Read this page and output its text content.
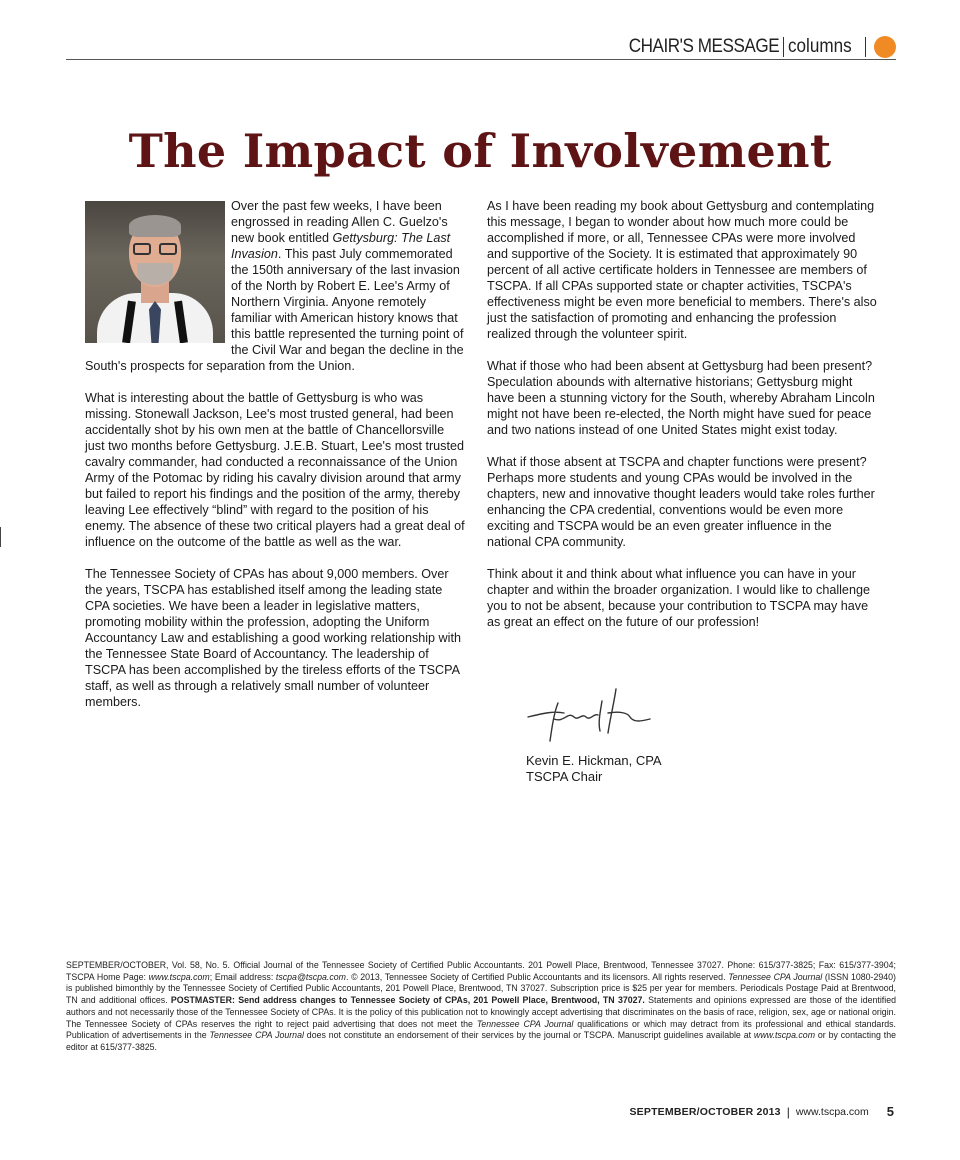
CHAIR'S MESSAGE columns
The Impact of Involvement

Over the past few weeks, I have been engrossed in reading Allen C. Guelzo's new book entitled Gettysburg: The Last Invasion. This past July commemorated the 150th anniversary of the last invasion of the North by Robert E. Lee's Army of Northern Virginia. Anyone remotely familiar with American history knows that this battle represented the turning point of the Civil War and began the decline in the South's prospects for separation from the Union.

What is interesting about the battle of Gettysburg is who was missing. Stonewall Jackson, Lee's most trusted general, had been accidentally shot by his own men at the battle of Chancellorsville just two months before Gettysburg. J.E.B. Stuart, Lee's most trusted cavalry commander, had conducted a reconnaissance of the Union Army of the Potomac by riding his cavalry division around that army but failed to report his findings and the position of the army, thereby leaving Lee effectively “blind” with regard to the position of his enemy. The absence of these two critical players had a great deal of influence on the outcome of the battle as well as the war.

The Tennessee Society of CPAs has about 9,000 members. Over the years, TSCPA has established itself among the leading state CPA societies. We have been a leader in legislative matters, promoting mobility within the profession, adopting the Uniform Accountancy Law and establishing a good working relationship with the Tennessee State Board of Accountancy. The leadership of TSCPA has been accomplished by the tireless efforts of the TSCPA staff, as well as through a relatively small number of volunteer members.

As I have been reading my book about Gettysburg and contemplating this message, I began to wonder about how much more could be accomplished if more, or all, Tennessee CPAs were more involved and supportive of the Society. It is estimated that approximately 90 percent of all active certificate holders in Tennessee are members of TSCPA. If all CPAs supported state or chapter activities, TSCPA's effectiveness might be even more beneficial to members. There's also just the satisfaction of promoting and enhancing the profession realized through the volunteer spirit.

What if those who had been absent at Gettysburg had been present? Speculation abounds with alternative historians; Gettysburg might have been a stunning victory for the South, whereby Abraham Lincoln might not have been re-elected, the North might have sued for peace and two nations instead of one United States might exist today.

What if those absent at TSCPA and chapter functions were present? Perhaps more students and young CPAs would be involved in the chapters, new and innovative thought leaders would take roles further enhancing the CPA credential, conventions would be even more exciting and TSCPA would be an even greater influence in the national CPA community.

Think about it and think about what influence you can have in your chapter and within the broader organization. I would like to challenge you to not be absent, because your contribution to TSCPA may have as great an effect on the future of our profession!

Kevin E. Hickman, CPA
TSCPA Chair
SEPTEMBER/OCTOBER, Vol. 58, No. 5. Official Journal of the Tennessee Society of Certified Public Accountants. 201 Powell Place, Brentwood, Tennessee 37027. Phone: 615/377-3825; Fax: 615/377-3904; TSCPA Home Page: www.tscpa.com; Email address: tscpa@tscpa.com. © 2013, Tennessee Society of Certified Public Accountants and its licensors. All rights reserved. Tennessee CPA Journal (ISSN 1080-2940) is published bimonthly by the Tennessee Society of Certified Public Accountants, 201 Powell Place, Brentwood, TN 37027. Subscription price is $25 per year for members. Periodicals Postage Paid at Brentwood, TN and additional offices. POSTMASTER: Send address changes to Tennessee Society of CPAs, 201 Powell Place, Brentwood, TN 37027. Statements and opinions expressed are those of the identified authors and not necessarily those of the Tennessee Society of CPAs. It is the policy of this publication not to knowingly accept advertising that discriminates on the basis of race, religion, sex, age or national origin. The Tennessee Society of CPAs reserves the right to reject paid advertising that does not meet the Tennessee CPA Journal qualifications or which may detract from its professional and ethical standards. Publication of advertisements in the Tennessee CPA Journal does not constitute an endorsement of their services by the journal or TSCPA. Manuscript guidelines available at www.tscpa.com or by contacting the editor at 615/377-3825.
SEPTEMBER/OCTOBER 2013 | www.tscpa.com 5
